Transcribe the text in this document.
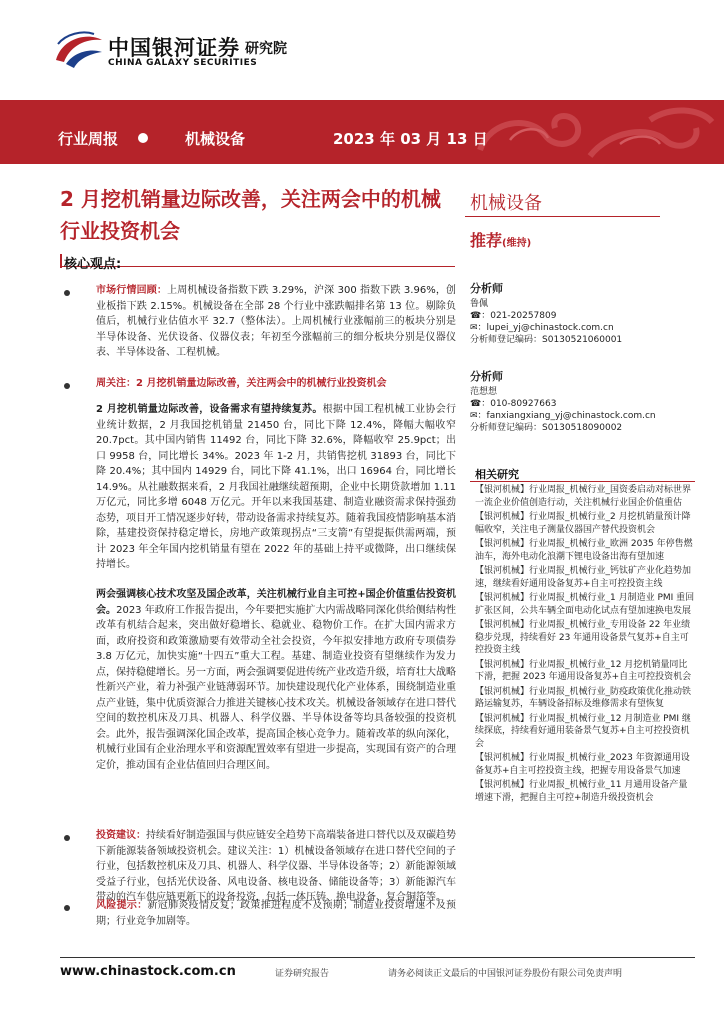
中国银河证券
CHINA GALAXY SECURITIES
研究院
行业周报	机械设备	2023 年 03 月 13 日
2 月挖机销量边际改善，关注两会中的机械行业投资机会
机械设备
推荐(维持)
核心观点:
市场行情回顾：上周机械设备指数下跌 3.29%，沪深 300 指数下跌 3.96%，创业板指下跌 2.15%。机械设备在全部 28 个行业中涨跌幅排名第 13 位。剔除负值后，机械行业估值水平 32.7（整体法）。上周机械行业涨幅前三的板块分别是半导体设备、光伏设备、仪器仪表；年初至今涨幅前三的细分板块分别是仪器仪表、半导体设备、工程机械。
周关注：2 月挖机销量边际改善，关注两会中的机械行业投资机会
2 月挖机销量边际改善，设备需求有望持续复苏。根据中国工程机械工业协会行业统计数据，2 月我国挖机销量 21450 台，同比下降 12.4%，降幅大幅收窄 20.7pct。其中国内销售 11492 台，同比下降 32.6%，降幅收窄 25.9pct；出口 9958 台，同比增长 34%。2023 年 1-2 月，共销售挖机 31893 台，同比下降 20.4%；其中国内 14929 台，同比下降 41.1%，出口 16964 台，同比增长 14.9%。从社融数据来看，2 月我国社融继续超预期，企业中长期贷款增加 1.11 万亿元，同比多增 6048 万亿元。开年以来我国基建、制造业融资需求保持强劲态势，项目开工情况逐步好转，带动设备需求持续复苏。随着我国疫情影响基本消除，基建投资保持稳定增长，房地产政策现拐点“三支箭”有望提振供需两端，预计 2023 年全年国内挖机销量有望在 2022 年的基础上持平或微降，出口继续保持增长。
两会强调核心技术攻坚及国企改革，关注机械行业自主可控+国企价值重估投资机会。2023 年政府工作报告提出，今年要把实施扩大内需战略同深化供给侧结构性改革有机结合起来，突出做好稳增长、稳就业、稳物价工作。在扩大国内需求方面，政府投资和政策激励要有效带动全社会投资，今年拟安排地方政府专项债券 3.8 万亿元，加快实施“十四五”重大工程。基建、制造业投资有望继续作为发力点，保持稳健增长。另一方面，两会强调要促进传统产业改造升级，培育壮大战略性新兴产业，着力补强产业链薄弱环节。加快建设现代化产业体系，围绕制造业重点产业链，集中优质资源合力推进关键核心技术攻关。机械设备领域存在进口替代空间的数控机床及刀具、机器人、科学仪器、半导体设备等均具备较强的投资机会。此外，报告强调深化国企改革，提高国企核心竞争力。随着改革的纵向深化，机械行业国有企业治理水平和资源配置效率有望进一步提高，实现国有资产的合理定价，推动国有企业估值回归合理区间。
投资建议：持续看好制造强国与供应链安全趋势下高端装备进口替代以及双碳趋势下新能源装备领域投资机会。建议关注：1）机械设备领域存在进口替代空间的子行业，包括数控机床及刀具、机器人、科学仪器、半导体设备等；2）新能源领域受益子行业，包括光伏设备、风电设备、核电设备、储能设备等；3）新能源汽车带动的汽车供应链更新下的设备投资，包括一体压铸、换电设备、复合铜箔等。
风险提示：新冠肺炎疫情反复；政策推进程度不及预期；制造业投资增速不及预期；行业竞争加剧等。
分析师
鲁佩
☎：021-20257809
✉：lupei_yj@chinastock.com.cn
分析师登记编码：S0130521060001
分析师
范想想
☎：010-80927663
✉：fanxiangxiang_yj@chinastock.com.cn
分析师登记编码：S0130518090002
相关研究
【银河机械】行业周报_机械行业_国资委启动对标世界一流企业价值创造行动，关注机械行业国企价值重估
【银河机械】行业周报_机械行业_2 月挖机销量预计降幅收窄，关注电子测量仪器国产替代投资机会
【银河机械】行业周报_机械行业_欧洲 2035 年停售燃油车，海外电动化浪潮下锂电设备出海有望加速
【银河机械】行业周报_机械行业_钙钛矿产业化趋势加速，继续看好通用设备复苏+自主可控投资主线
【银河机械】行业周报_机械行业_1 月制造业 PMI 重回扩张区间，公共车辆全面电动化试点有望加速换电发展
【银河机械】行业周报_机械行业_专用设备 22 年业绩稳步兑现，持续看好 23 年通用设备景气复苏+自主可控投资主线
【银河机械】行业周报_机械行业_12 月挖机销量同比下滑，把握 2023 年通用设备复苏+自主可控投资机会
【银河机械】行业周报_机械行业_防疫政策优化推动铁路运输复苏，车辆设备招标及维修需求有望恢复
【银河机械】行业周报_机械行业_12 月制造业 PMI 继续探底，持续看好通用装备景气复苏+自主可控投资机会
【银河机械】行业周报_机械行业_2023 年资源通用设备复苏+自主可控投资主线，把握专用设备景气加速
【银河机械】行业周报_机械行业_11 月通用设备产量增速下滑，把握自主可控+制造升级投资机会
www.chinastock.com.cn	证券研究报告	请务必阅读正文最后的中国银河证券股份有限公司免责声明
